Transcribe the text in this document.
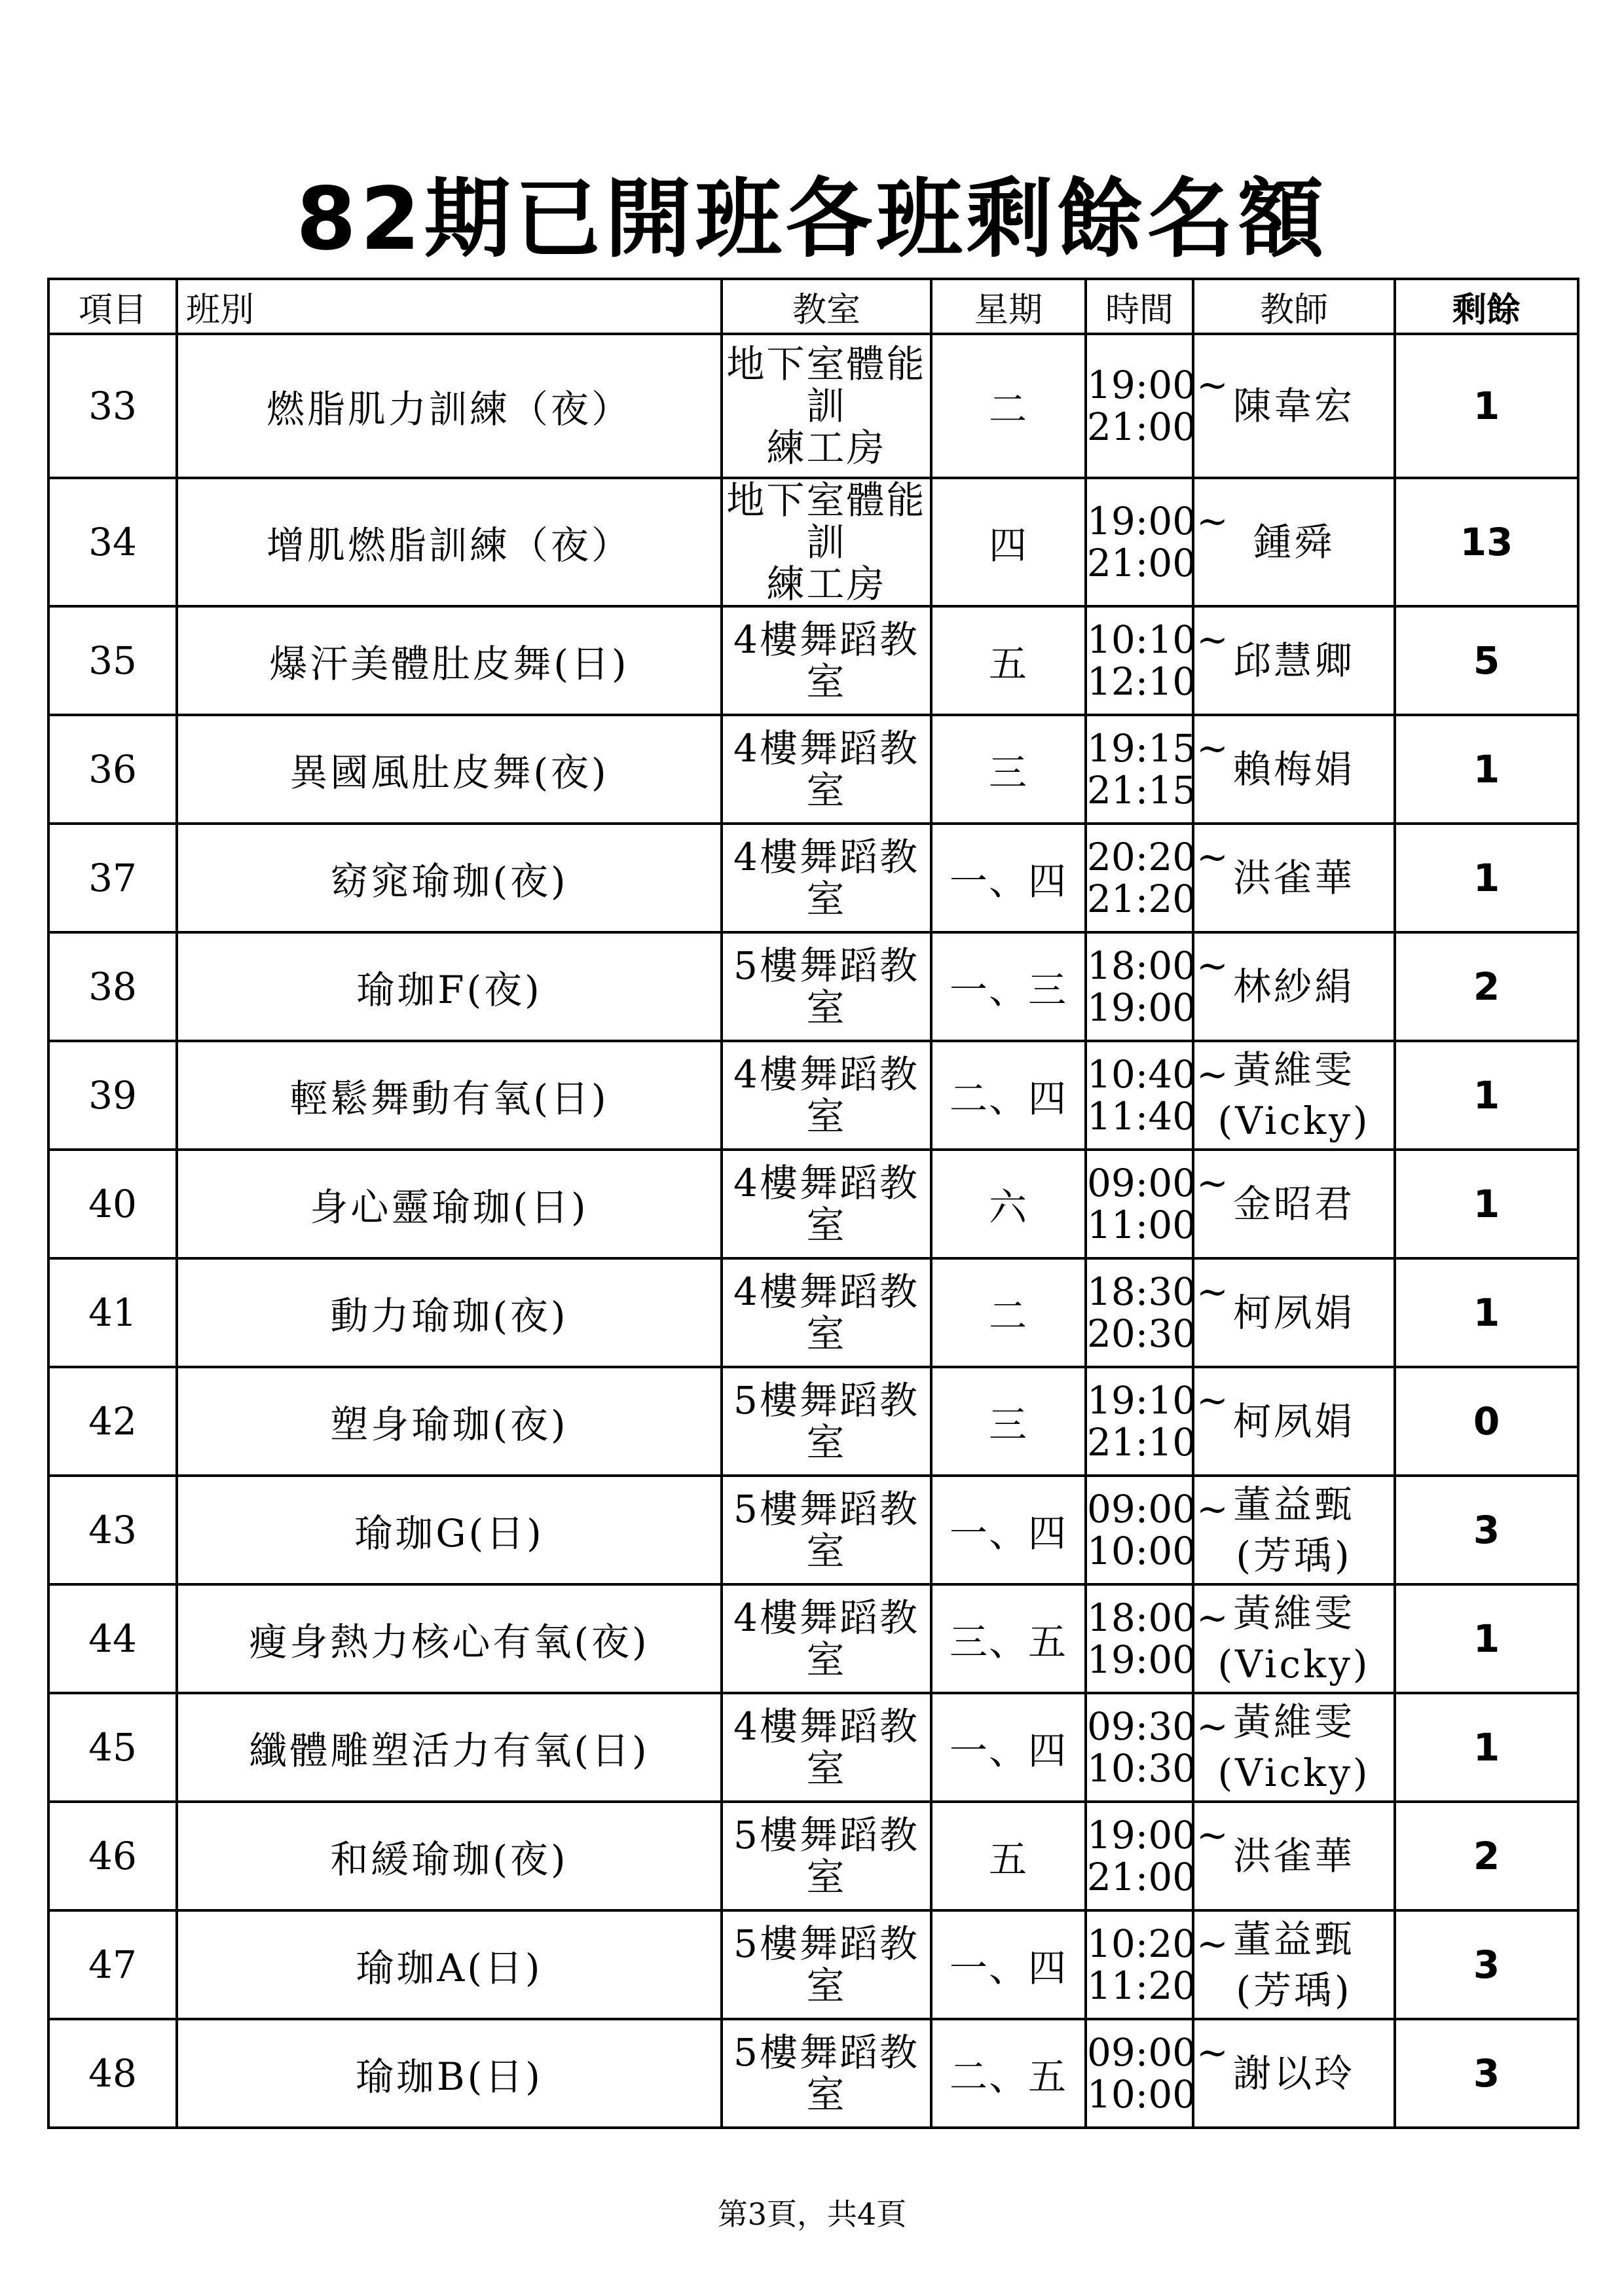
82期已開班各班剩餘名額
項目	班別	教室	星期	時間	教師	剩餘
33	燃脂肌力訓練（夜）	地下室體能訓
練工房	二	19:00~
21:00	陳韋宏	1
34	增肌燃脂訓練（夜）	地下室體能訓
練工房	四	19:00~
21:00	鍾舜	13
35	爆汗美體肚皮舞(日)	4樓舞蹈教室	五	10:10~
12:10	邱慧卿	5
36	異國風肚皮舞(夜)	4樓舞蹈教室	三	19:15~
21:15	賴梅娟	1
37	窈窕瑜珈(夜)	4樓舞蹈教室	一、四	20:20~
21:20	洪雀華	1
38	瑜珈F(夜)	5樓舞蹈教室	一、三	18:00~
19:00	林紗絹	2
39	輕鬆舞動有氧(日)	4樓舞蹈教室	二、四	10:40~
11:40	黃維雯
(Vicky)	1
40	身心靈瑜珈(日)	4樓舞蹈教室	六	09:00~
11:00	金昭君	1
41	動力瑜珈(夜)	4樓舞蹈教室	二	18:30~
20:30	柯夙娟	1
42	塑身瑜珈(夜)	5樓舞蹈教室	三	19:10~
21:10	柯夙娟	0
43	瑜珈G(日)	5樓舞蹈教室	一、四	09:00~
10:00	董益甄
(芳瑀)	3
44	瘦身熱力核心有氧(夜)	4樓舞蹈教室	三、五	18:00~
19:00	黃維雯
(Vicky)	1
45	纖體雕塑活力有氧(日)	4樓舞蹈教室	一、四	09:30~
10:30	黃維雯
(Vicky)	1
46	和緩瑜珈(夜)	5樓舞蹈教室	五	19:00~
21:00	洪雀華	2
47	瑜珈A(日)	5樓舞蹈教室	一、四	10:20~
11:20	董益甄
(芳瑀)	3
48	瑜珈B(日)	5樓舞蹈教室	二、五	09:00~
10:00	謝以玲	3
第3頁，共4頁
